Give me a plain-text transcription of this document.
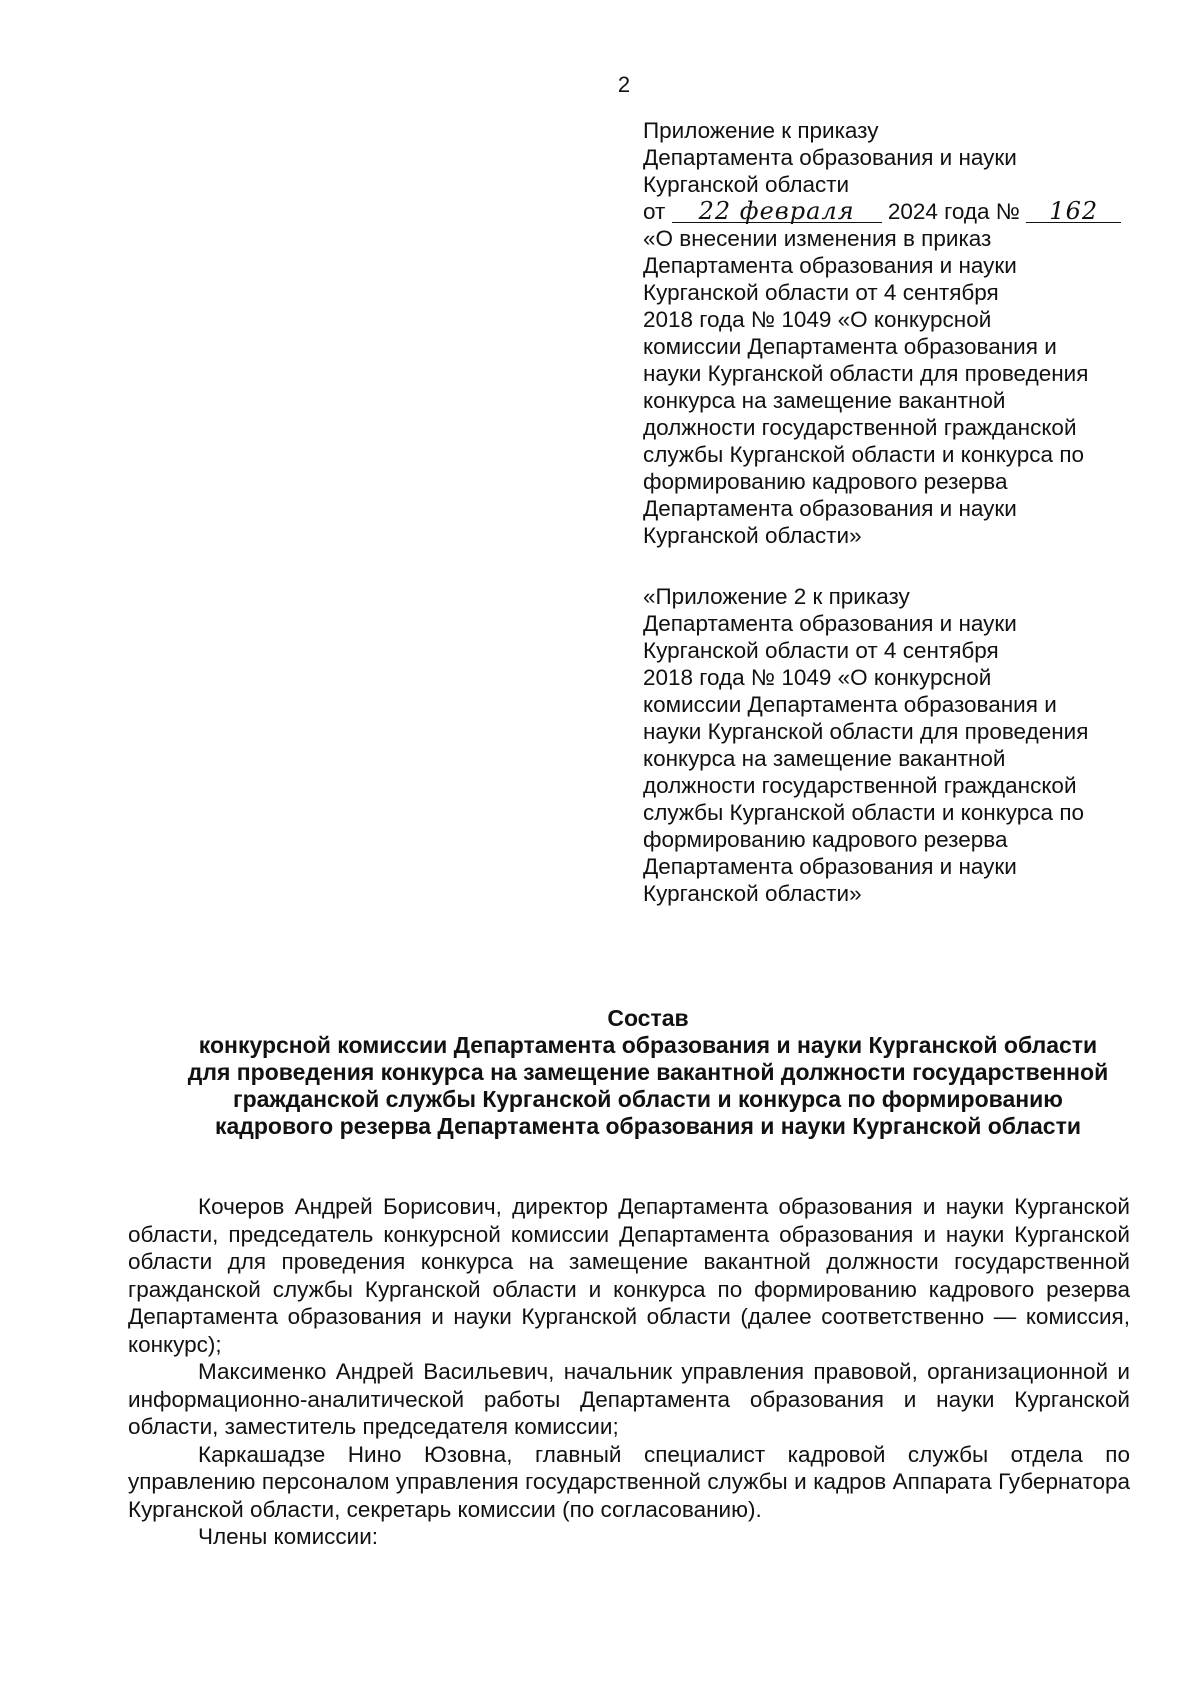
2
Приложение к приказу
Департамента образования и науки
Курганской области
от 22 февраля 2024 года № 162
«О внесении изменения в приказ
Департамента образования и науки
Курганской области от 4 сентября
2018 года № 1049 «О конкурсной
комиссии Департамента образования и
науки Курганской области для проведения
конкурса на замещение вакантной
должности государственной гражданской
службы Курганской области и конкурса по
формированию кадрового резерва
Департамента образования и науки
Курганской области»
«Приложение 2 к приказу
Департамента образования и науки
Курганской области от 4 сентября
2018 года № 1049 «О конкурсной
комиссии Департамента образования и
науки Курганской области для проведения
конкурса на замещение вакантной
должности государственной гражданской
службы Курганской области и конкурса по
формированию кадрового резерва
Департамента образования и науки
Курганской области»
Состав
конкурсной комиссии Департамента образования и науки Курганской области
для проведения конкурса на замещение вакантной должности государственной
гражданской службы Курганской области и конкурса по формированию
кадрового резерва Департамента образования и науки Курганской области

Кочеров Андрей Борисович, директор Департамента образования и науки Курганской области, председатель конкурсной комиссии Департамента образования и науки Курганской области для проведения конкурса на замещение вакантной должности государственной гражданской службы Курганской области и конкурса по формированию кадрового резерва Департамента образования и науки Курганской области (далее соответственно — комиссия, конкурс);

Максименко Андрей Васильевич, начальник управления правовой, организационной и информационно-аналитической работы Департамента образования и науки Курганской области, заместитель председателя комиссии;

Каркашадзе Нино Юзовна, главный специалист кадровой службы отдела по управлению персоналом управления государственной службы и кадров Аппарата Губернатора Курганской области, секретарь комиссии (по согласованию).

Члены комиссии:
